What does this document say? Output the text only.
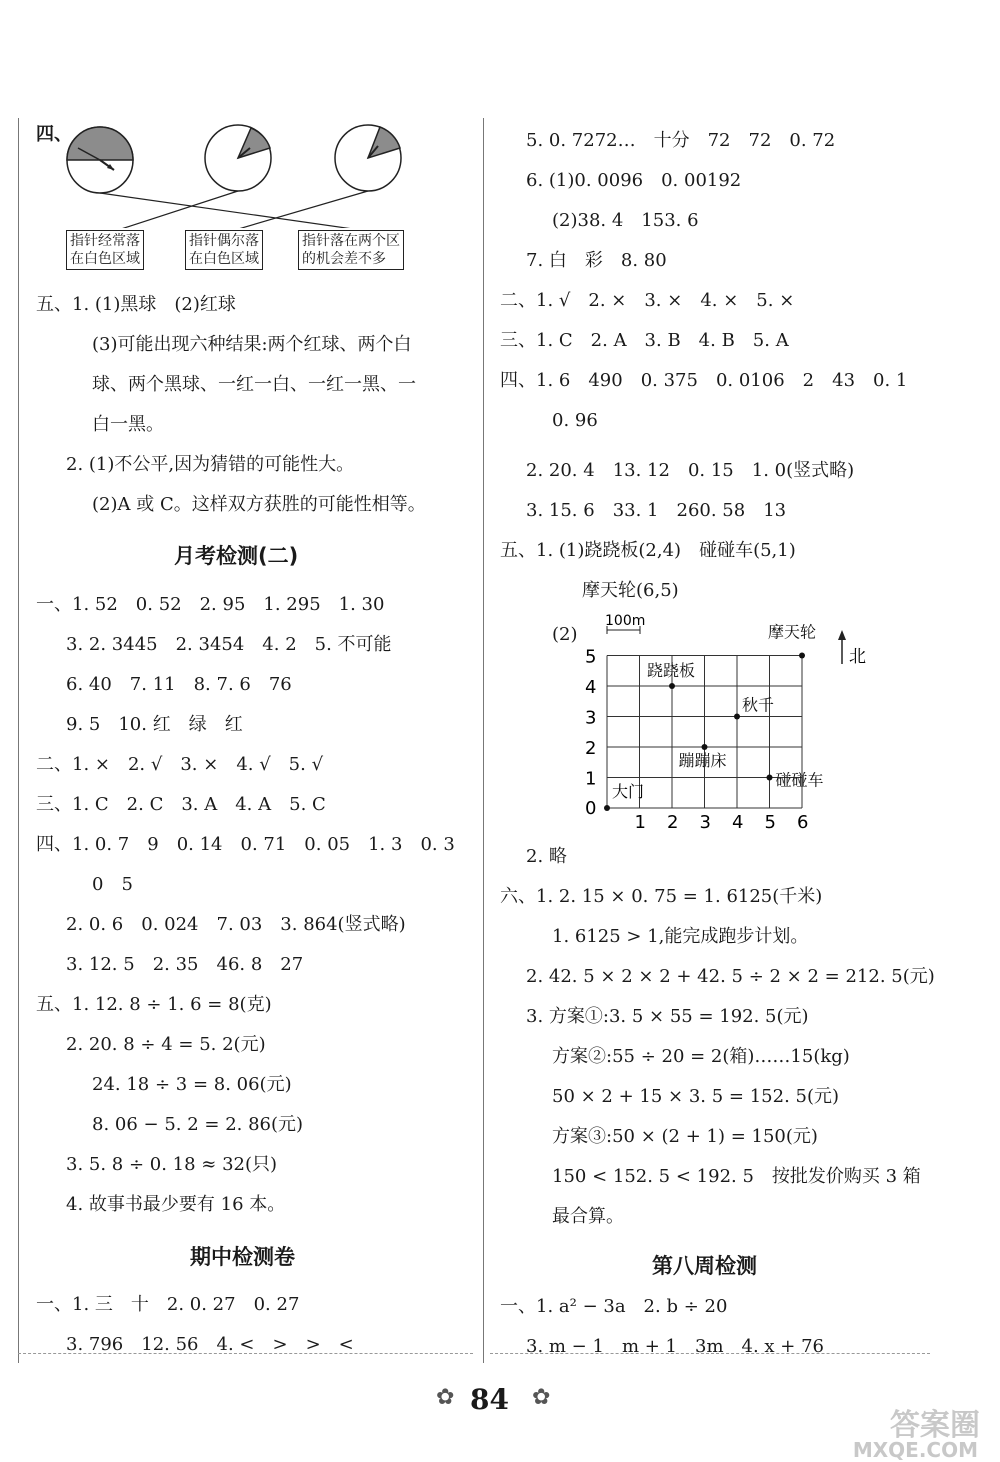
四、
指针经常落
在白色区域
指针偶尔落
在白色区域
指针落在两个区
的机会差不多
五、1. (1)黑球　(2)红球
(3)可能出现六种结果:两个红球、两个白
球、两个黑球、一红一白、一红一黑、一
白一黑。
2. (1)不公平,因为猜错的可能性大。
(2)A 或 C。这样双方获胜的可能性相等。
月考检测(二)
一、1. 52　0. 52　2. 95　1. 295　1. 30
3. 2. 3445　2. 3454　4. 2　5. 不可能
6. 40　7. 11　8. 7. 6　76
9. 5　10. 红　绿　红
二、1. ×　2. √　3. ×　4. √　5. √
三、1. C　2. C　3. A　4. A　5. C
四、1. 0. 7　9　0. 14　0. 71　0. 05　1. 3　0. 3
0　5
2. 0. 6　0. 024　7. 03　3. 864(竖式略)
3. 12. 5　2. 35　46. 8　27
五、1. 12. 8 ÷ 1. 6 = 8(克)
2. 20. 8 ÷ 4 = 5. 2(元)
24. 18 ÷ 3 = 8. 06(元)
8. 06 − 5. 2 = 2. 86(元)
3. 5. 8 ÷ 0. 18 ≈ 32(只)
4. 故事书最少要有 16 本。
期中检测卷
一、1. 三　十　2. 0. 27　0. 27
3. 796　12. 56　4. <　>　>　<
5. 0. 7272…　十分　72　72　0. 72
6. (1)0. 0096　0. 00192
(2)38. 4　153. 6
7. 白　彩　8. 80
二、1. √　2. ×　3. ×　4. ×　5. ×
三、1. C　2. A　3. B　4. B　5. A
四、1. 6　490　0. 375　0. 0106　2　43　0. 1
0. 96
2. 20. 4　13. 12　0. 15　1. 0(竖式略)
3. 15. 6　33. 1　260. 58　13
五、1. (1)跷跷板(2,4)　碰碰车(5,1)
摩天轮(6,5)
(2)
100m
北
1 2 3 4 5 6
0
1
2
3
4
5
跷跷板
秋千
蹦蹦床
碰碰车
摩天轮
大门
2. 略
六、1. 2. 15 × 0. 75 = 1. 6125(千米)
1. 6125 > 1,能完成跑步计划。
2. 42. 5 × 2 × 2 + 42. 5 ÷ 2 × 2 = 212. 5(元)
3. 方案①:3. 5 × 55 = 192. 5(元)
方案②:55 ÷ 20 = 2(箱)……15(kg)
50 × 2 + 15 × 3. 5 = 152. 5(元)
方案③:50 × (2 + 1) = 150(元)
150 < 152. 5 < 192. 5　按批发价购买 3 箱
最合算。
第八周检测
一、1. a² − 3a　2. b ÷ 20
3. m − 1　m + 1　3m　4. x + 76
✿ 84 ✿
答案圈
MXQE.COM
